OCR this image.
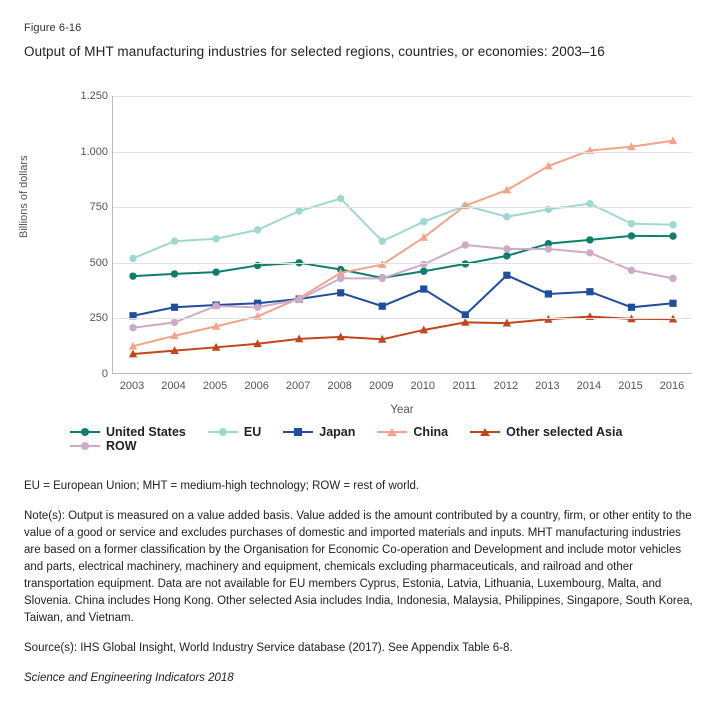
Figure 6-16
Output of MHT manufacturing industries for selected regions, countries, or economies: 2003–16
Billions of dollars
0
250
500
750
1.000
1.250
2003 2004 2005 2006 2007 2008 2009 2010 2011 2012 2013 2014 2015 2016
Year
United States	EU	Japan	China	Other selected Asia
ROW

EU = European Union; MHT = medium-high technology; ROW = rest of world.

Note(s): Output is measured on a value added basis. Value added is the amount contributed by a country, firm, or other entity to the value of a good or service and excludes purchases of domestic and imported materials and inputs. MHT manufacturing industries are based on a former classification by the Organisation for Economic Co-operation and Development and include motor vehicles and parts, electrical machinery, machinery and equipment, chemicals excluding pharmaceuticals, and railroad and other transportation equipment. Data are not available for EU members Cyprus, Estonia, Latvia, Lithuania, Luxembourg, Malta, and Slovenia. China includes Hong Kong. Other selected Asia includes India, Indonesia, Malaysia, Philippines, Singapore, South Korea, Taiwan, and Vietnam.

Source(s): IHS Global Insight, World Industry Service database (2017). See Appendix Table 6-8.

Science and Engineering Indicators 2018
